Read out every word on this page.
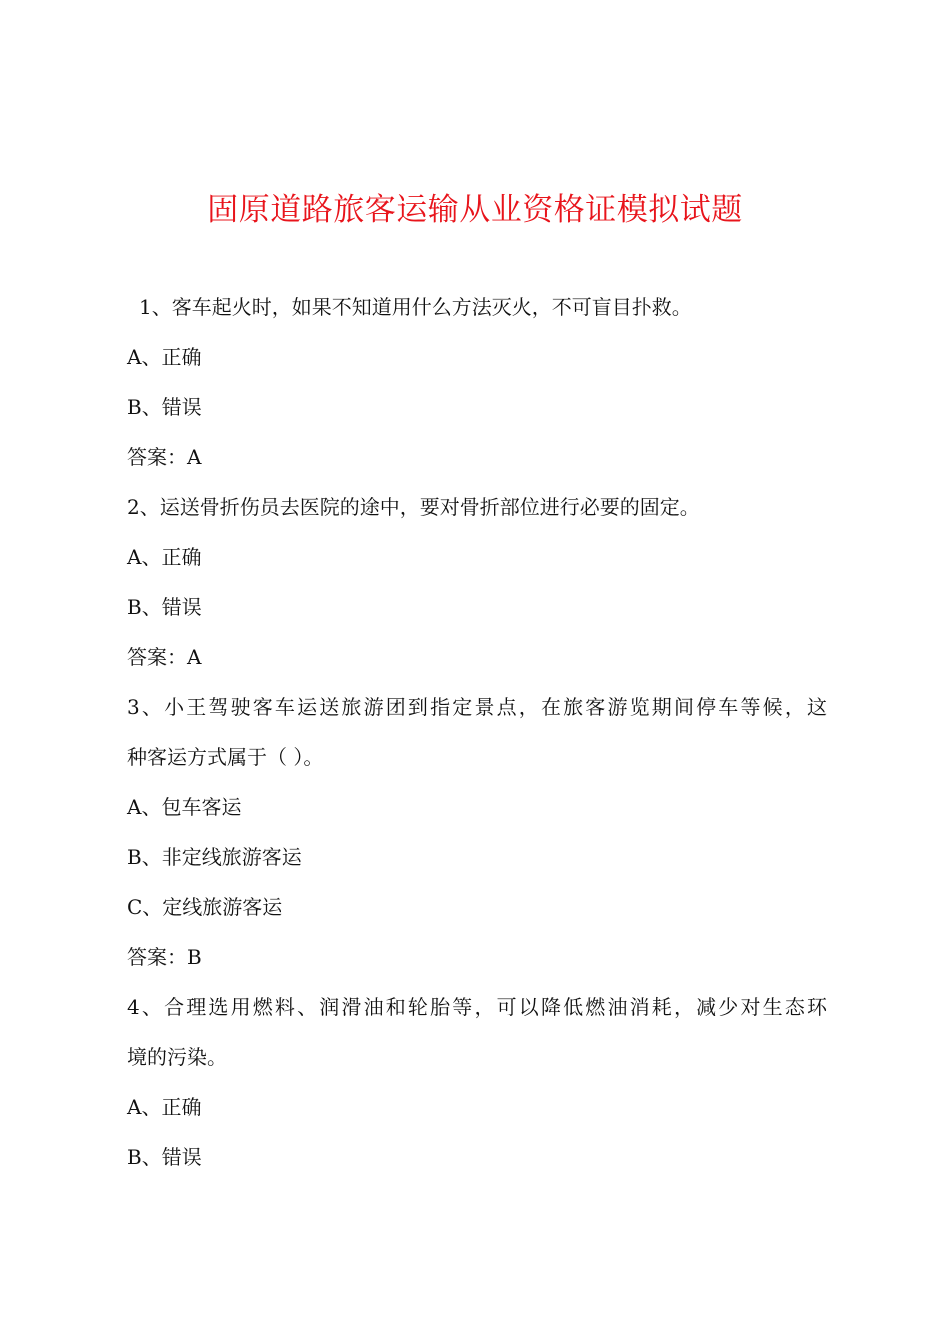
固原道路旅客运输从业资格证模拟试题
1、客车起火时，如果不知道用什么方法灭火，不可盲目扑救。
A、正确
B、错误
答案：A
2、运送骨折伤员去医院的途中，要对骨折部位进行必要的固定。
A、正确
B、错误
答案：A
3、小王驾驶客车运送旅游团到指定景点，在旅客游览期间停车等候，这
种客运方式属于（ ）。
A、包车客运
B、非定线旅游客运
C、定线旅游客运
答案：B
4、合理选用燃料、润滑油和轮胎等，可以降低燃油消耗，减少对生态环
境的污染。
A、正确
B、错误
